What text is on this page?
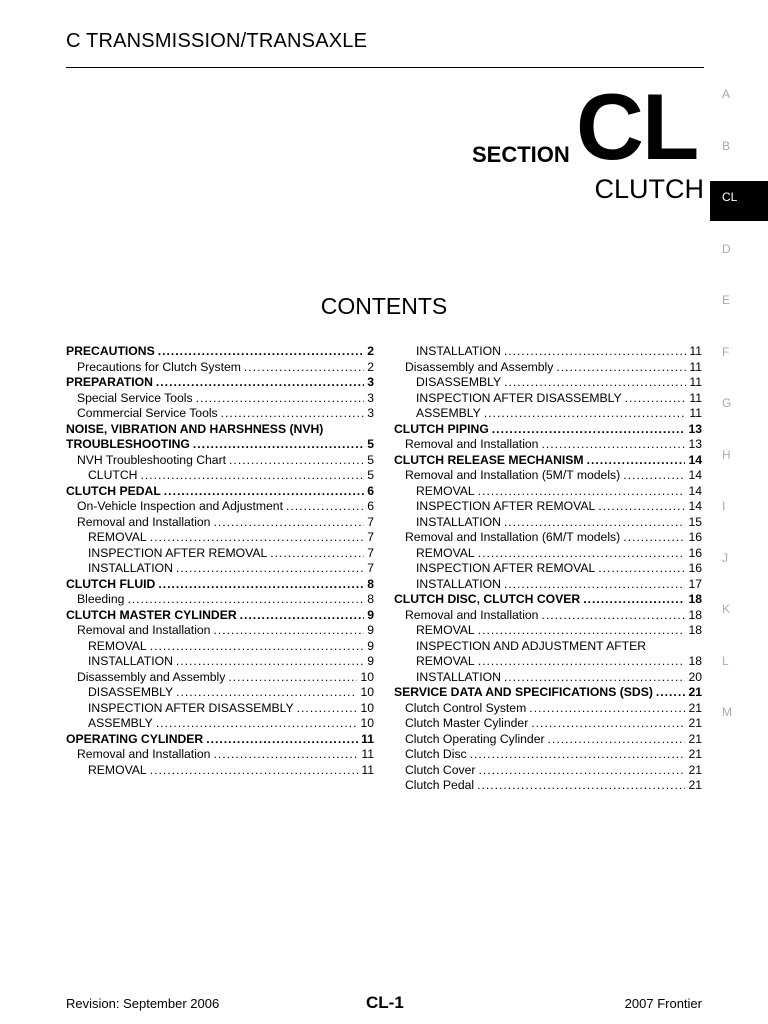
C TRANSMISSION/TRANSAXLE
SECTION CL
CLUTCH
A
B
CL
D
E
F
G
H
I
J
K
L
M
CONTENTS
PRECAUTIONS .....	2
Precautions for Clutch System .....	2
PREPARATION .....	3
Special Service Tools .....	3
Commercial Service Tools .....	3
NOISE, VIBRATION AND HARSHNESS (NVH)
TROUBLESHOOTING .....	5
NVH Troubleshooting Chart .....	5
CLUTCH .....	5
CLUTCH PEDAL .....	6
On-Vehicle Inspection and Adjustment .....	6
Removal and Installation .....	7
REMOVAL .....	7
INSPECTION AFTER REMOVAL .....	7
INSTALLATION .....	7
CLUTCH FLUID .....	8
Bleeding .....	8
CLUTCH MASTER CYLINDER .....	9
Removal and Installation .....	9
REMOVAL .....	9
INSTALLATION .....	9
Disassembly and Assembly .....	10
DISASSEMBLY .....	10
INSPECTION AFTER DISASSEMBLY .....	10
ASSEMBLY .....	10
OPERATING CYLINDER .....	11
Removal and Installation .....	11
REMOVAL .....	11
INSTALLATION .....	11
Disassembly and Assembly .....	11
DISASSEMBLY .....	11
INSPECTION AFTER DISASSEMBLY .....	11
ASSEMBLY .....	11
CLUTCH PIPING .....	13
Removal and Installation .....	13
CLUTCH RELEASE MECHANISM .....	14
Removal and Installation (5M/T models) .....	14
REMOVAL .....	14
INSPECTION AFTER REMOVAL .....	14
INSTALLATION .....	15
Removal and Installation (6M/T models) .....	16
REMOVAL .....	16
INSPECTION AFTER REMOVAL .....	16
INSTALLATION .....	17
CLUTCH DISC, CLUTCH COVER .....	18
Removal and Installation .....	18
REMOVAL .....	18
INSPECTION AND ADJUSTMENT AFTER
REMOVAL .....	18
INSTALLATION .....	20
SERVICE DATA AND SPECIFICATIONS (SDS) .....	21
Clutch Control System .....	21
Clutch Master Cylinder .....	21
Clutch Operating Cylinder .....	21
Clutch Disc .....	21
Clutch Cover .....	21
Clutch Pedal .....	21
Revision: September 2006	CL-1	2007 Frontier
